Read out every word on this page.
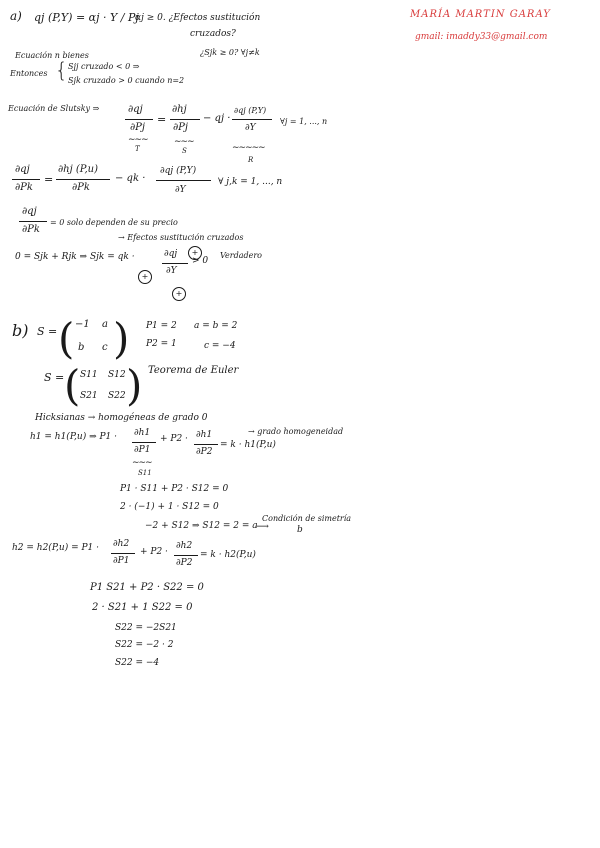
MARÍA MARTIN GARAY
gmail: imaddy33@gmail.com
a) qj (P,Y) = αj · Y / Pj
αj ≥ 0. ¿Efectos sustitución
cruzados?
¿Sjk ≥ 0? ∀j≠k
Ecuación n bienes
Entonces { Sjj cruzado < 0 ⇒
Sjk cruzado > 0 cuando n=2
Ecuación de Slutsky ⇒	∂qj
∂Pj
=
∂hj
∂Pj
− qj ·
∂qj (P,Y)
∂Y
∀j = 1, ..., n
∼∼∼	∼∼∼
∼∼∼∼∼
T	S
R
∂qj
∂Pk
=
∂hj (P,u)
∂Pk
− qk ·
∂qj (P,Y)
∂Y
∀ j,k = 1, ..., n
∂qj
∂Pk
= 0 solo dependen de su precio
→ Efectos sustitución cruzados
+
0 = Sjk + Rjk ⇒ Sjk = qk ·	∂qj
∂Y
> 0
Verdadero
+
+
b) S = ( −1 a
b c ) P1 = 2
P2 = 1
a = b = 2
c = −4
S = ( S11 S12
S21 S22 ) Teorema de Euler
Hicksianas → homogéneas de grado 0
h1 = h1(P,u) ⇒ P1 · ∂h1
∂P1
+ P2 · ∂h1
∂P2
= k · h1(P,u)
→ grado homogeneidad
∼∼∼
S11
P1 · S11 + P2 · S12 = 0
2 · (−1) + 1 · S12 = 0
Condición de simetría
−2 + S12 ⇒ S12 = 2 = a
⟶	b
h2 = h2(P,u) = P1 · ∂h2
∂P1
+ P2 ·
∂h2
∂P2
= k · h2(P,u)
P1 S21 + P2 · S22 = 0
2 · S21 + 1 S22 = 0
S22 = −2S21
S22 = −2 · 2
S22 = −4
